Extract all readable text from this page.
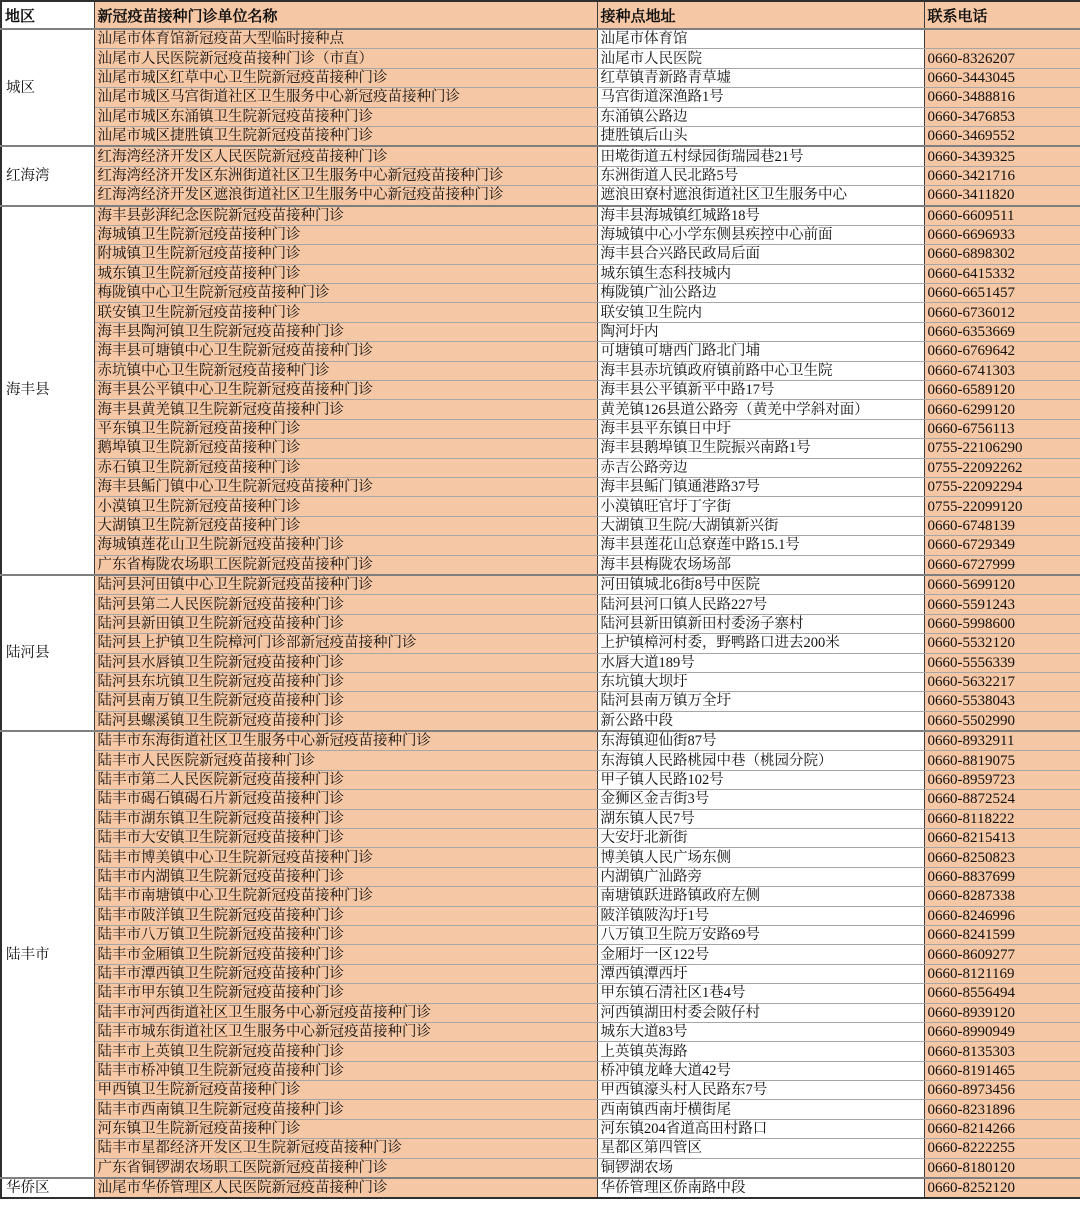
地区	新冠疫苗接种门诊单位名称	接种点地址	联系电话
城区	汕尾市体育馆新冠疫苗大型临时接种点	汕尾市体育馆	
	汕尾市人民医院新冠疫苗接种门诊（市直）	汕尾市人民医院	0660-8326207
	汕尾市城区红草中心卫生院新冠疫苗接种门诊	红草镇青新路青草墟	0660-3443045
	汕尾市城区马宫街道社区卫生服务中心新冠疫苗接种门诊	马宫街道深渔路1号	0660-3488816
	汕尾市城区东涌镇卫生院新冠疫苗接种门诊	东涌镇公路边	0660-3476853
	汕尾市城区捷胜镇卫生院新冠疫苗接种门诊	捷胜镇后山头	0660-3469552
红海湾	红海湾经济开发区人民医院新冠疫苗接种门诊	田墘街道五村绿园街瑞园巷21号	0660-3439325
	红海湾经济开发区东洲街道社区卫生服务中心新冠疫苗接种门诊	东洲街道人民北路5号	0660-3421716
	红海湾经济开发区遮浪街道社区卫生服务中心新冠疫苗接种门诊	遮浪田寮村遮浪街道社区卫生服务中心	0660-3411820
海丰县	海丰县彭湃纪念医院新冠疫苗接种门诊	海丰县海城镇红城路18号	0660-6609511
	海城镇卫生院新冠疫苗接种门诊	海城镇中心小学东侧县疾控中心前面	0660-6696933
	附城镇卫生院新冠疫苗接种门诊	海丰县合兴路民政局后面	0660-6898302
	城东镇卫生院新冠疫苗接种门诊	城东镇生态科技城内	0660-6415332
	梅陇镇中心卫生院新冠疫苗接种门诊	梅陇镇广汕公路边	0660-6651457
	联安镇卫生院新冠疫苗接种门诊	联安镇卫生院内	0660-6736012
	海丰县陶河镇卫生院新冠疫苗接种门诊	陶河圩内	0660-6353669
	海丰县可塘镇中心卫生院新冠疫苗接种门诊	可塘镇可塘西门路北门埔	0660-6769642
	赤坑镇中心卫生院新冠疫苗接种门诊	海丰县赤坑镇政府镇前路中心卫生院	0660-6741303
	海丰县公平镇中心卫生院新冠疫苗接种门诊	海丰县公平镇新平中路17号	0660-6589120
	海丰县黄羌镇卫生院新冠疫苗接种门诊	黄羌镇126县道公路旁（黄羌中学斜对面）	0660-6299120
	平东镇卫生院新冠疫苗接种门诊	海丰县平东镇日中圩	0660-6756113
	鹅埠镇卫生院新冠疫苗接种门诊	海丰县鹅埠镇卫生院振兴南路1号	0755-22106290
	赤石镇卫生院新冠疫苗接种门诊	赤吉公路旁边	0755-22092262
	海丰县鲘门镇中心卫生院新冠疫苗接种门诊	海丰县鲘门镇通港路37号	0755-22092294
	小漠镇卫生院新冠疫苗接种门诊	小漠镇旺官圩丁字街	0755-22099120
	大湖镇卫生院新冠疫苗接种门诊	大湖镇卫生院/大湖镇新兴街	0660-6748139
	海城镇莲花山卫生院新冠疫苗接种门诊	海丰县莲花山总寮莲中路15.1号	0660-6729349
	广东省梅陇农场职工医院新冠疫苗接种门诊	海丰县梅陇农场场部	0660-6727999
陆河县	陆河县河田镇中心卫生院新冠疫苗接种门诊	河田镇城北6街8号中医院	0660-5699120
	陆河县第二人民医院新冠疫苗接种门诊	陆河县河口镇人民路227号	0660-5591243
	陆河县新田镇卫生院新冠疫苗接种门诊	陆河县新田镇新田村委汤子寨村	0660-5998600
	陆河县上护镇卫生院樟河门诊部新冠疫苗接种门诊	上护镇樟河村委，野鸭路口进去200米	0660-5532120
	陆河县水唇镇卫生院新冠疫苗接种门诊	水唇大道189号	0660-5556339
	陆河县东坑镇卫生院新冠疫苗接种门诊	东坑镇大坝圩	0660-5632217
	陆河县南万镇卫生院新冠疫苗接种门诊	陆河县南万镇万全圩	0660-5538043
	陆河县螺溪镇卫生院新冠疫苗接种门诊	新公路中段	0660-5502990
陆丰市	陆丰市东海街道社区卫生服务中心新冠疫苗接种门诊	东海镇迎仙街87号	0660-8932911
	陆丰市人民医院新冠疫苗接种门诊	东海镇人民路桃园中巷（桃园分院）	0660-8819075
	陆丰市第二人民医院新冠疫苗接种门诊	甲子镇人民路102号	0660-8959723
	陆丰市碣石镇碣石片新冠疫苗接种门诊	金狮区金吉街3号	0660-8872524
	陆丰市湖东镇卫生院新冠疫苗接种门诊	湖东镇人民7号	0660-8118222
	陆丰市大安镇卫生院新冠疫苗接种门诊	大安圩北新街	0660-8215413
	陆丰市博美镇中心卫生院新冠疫苗接种门诊	博美镇人民广场东侧	0660-8250823
	陆丰市内湖镇卫生院新冠疫苗接种门诊	内湖镇广汕路旁	0660-8837699
	陆丰市南塘镇中心卫生院新冠疫苗接种门诊	南塘镇跃进路镇政府左侧	0660-8287338
	陆丰市陂洋镇卫生院新冠疫苗接种门诊	陂洋镇陂沟圩1号	0660-8246996
	陆丰市八万镇卫生院新冠疫苗接种门诊	八万镇卫生院万安路69号	0660-8241599
	陆丰市金厢镇卫生院新冠疫苗接种门诊	金厢圩一区122号	0660-8609277
	陆丰市潭西镇卫生院新冠疫苗接种门诊	潭西镇潭西圩	0660-8121169
	陆丰市甲东镇卫生院新冠疫苗接种门诊	甲东镇石清社区1巷4号	0660-8556494
	陆丰市河西街道社区卫生服务中心新冠疫苗接种门诊	河西镇湖田村委会陂仔村	0660-8939120
	陆丰市城东街道社区卫生服务中心新冠疫苗接种门诊	城东大道83号	0660-8990949
	陆丰市上英镇卫生院新冠疫苗接种门诊	上英镇英海路	0660-8135303
	陆丰市桥冲镇卫生院新冠疫苗接种门诊	桥冲镇龙峰大道42号	0660-8191465
	甲西镇卫生院新冠疫苗接种门诊	甲西镇濠头村人民路东7号	0660-8973456
	陆丰市西南镇卫生院新冠疫苗接种门诊	西南镇西南圩横街尾	0660-8231896
	河东镇卫生院新冠疫苗接种门诊	河东镇204省道高田村路口	0660-8214266
	陆丰市星都经济开发区卫生院新冠疫苗接种门诊	星都区第四管区	0660-8222255
	广东省铜锣湖农场职工医院新冠疫苗接种门诊	铜锣湖农场	0660-8180120
华侨区	汕尾市华侨管理区人民医院新冠疫苗接种门诊	华侨管理区侨南路中段	0660-8252120
